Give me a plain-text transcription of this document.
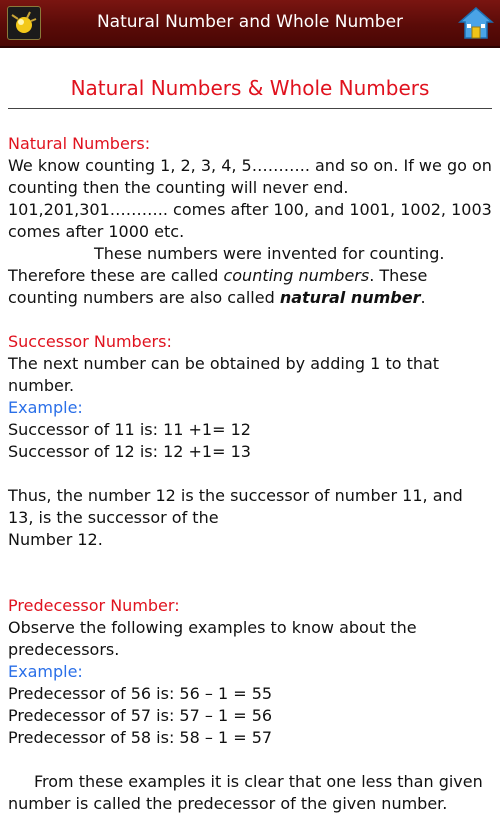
Natural Number and Whole Number
Natural Numbers & Whole Numbers

Natural Numbers:

We know counting 1, 2, 3, 4, 5……….. and so on. If we go on counting then the counting will never end. 101,201,301……….. comes after 100, and 1001, 1002, 1003 comes after 1000 etc.

These numbers were invented for counting.

Therefore these are called counting numbers. These counting numbers are also called natural number.

Successor Numbers:

The next number can be obtained by adding 1 to that number.

Example:

Successor of 11 is: 11 +1= 12

Successor of 12 is: 12 +1= 13

Thus, the number 12 is the successor of number 11, and 13, is the successor of the

Number 12.

Predecessor Number:

Observe the following examples to know about the predecessors.

Example:

Predecessor of 56 is: 56 – 1 = 55

Predecessor of 57 is: 57 – 1 = 56

Predecessor of 58 is: 58 – 1 = 57

From these examples it is clear that one less than given number is called the predecessor of the given number.
